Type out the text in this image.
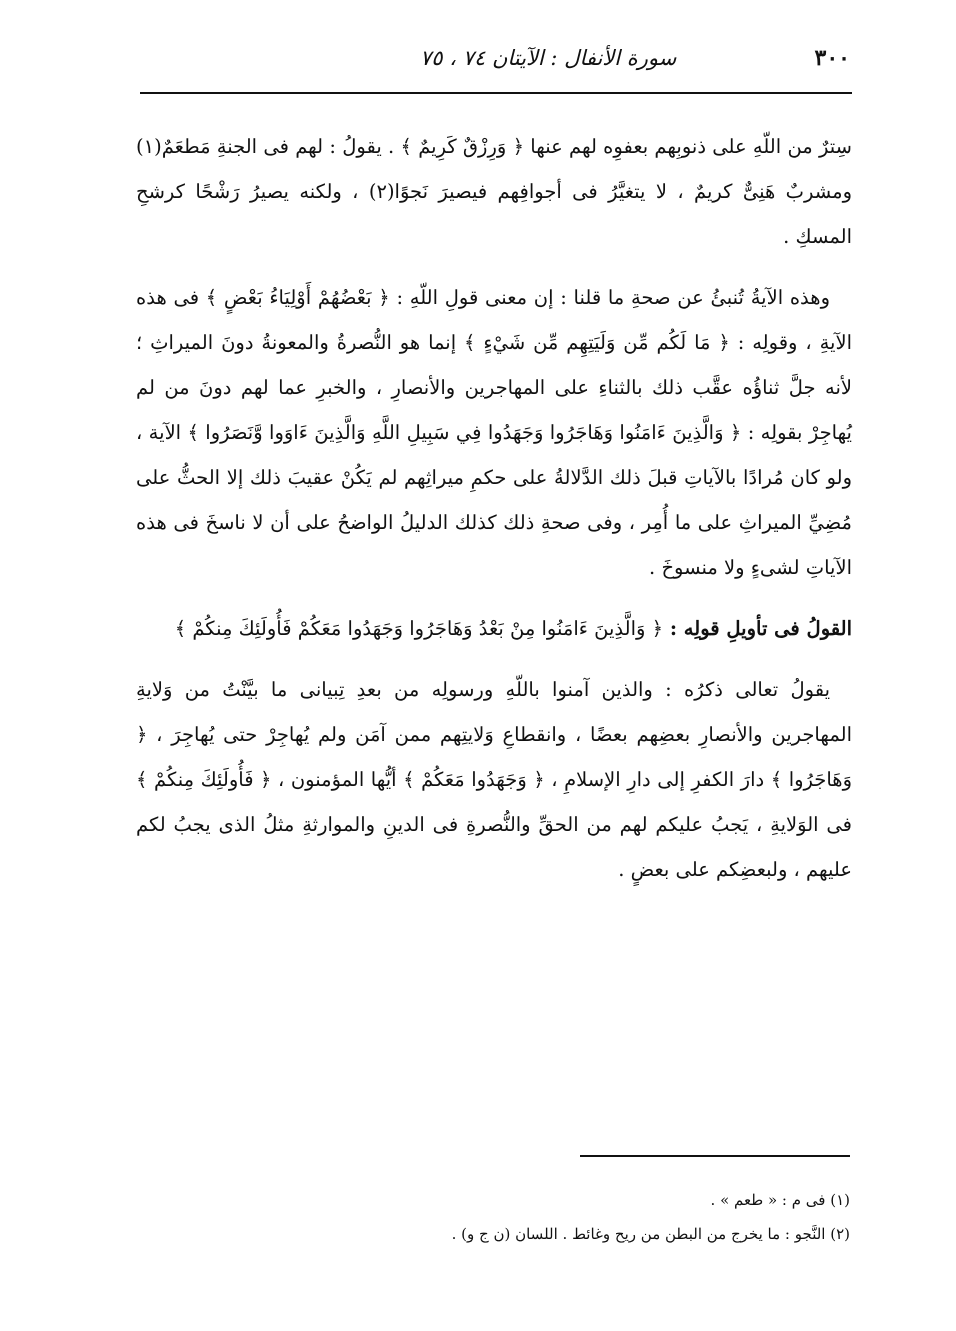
٣٠٠
سورة الأنفال : الآيتان ٧٤ ، ٧٥

سِترٌ من اللّهِ على ذنوبِهم بعفوِه لهم عنها ﴿ وَرِزْقٌ كَرِيمٌ ﴾ . يقولُ : لهم فى الجنةِ مَطعَمٌ(١) ومشربٌ هَنِىٌّ كريمٌ ، لا يتغيَّرُ فى أجوافِهم فيصيرَ نَجوًا(٢) ، ولكنه يصيرُ رَشْحًا كرشحِ المسكِ .

وهذه الآيةُ تُنبئُ عن صحةِ ما قلنا : إن معنى قولِ اللّهِ : ﴿ بَعْضُهُمْ أَوْلِيَاءُ بَعْضٍ ﴾ فى هذه الآيةِ ، وقولِه : ﴿ مَا لَكُم مِّن وَلَيَتِهِم مِّن شَيْءٍ ﴾ إنما هو النُّصرةُ والمعونةُ دونَ الميراثِ ؛ لأنه جلَّ ثناؤُه عقَّب ذلك بالثناءِ على المهاجرين والأنصارِ ، والخبرِ عما لهم دونَ من لم يُهاجِرْ بقولِه : ﴿ وَالَّذِينَ ءَامَنُوا وَهَاجَرُوا وَجَهَدُوا فِي سَبِيلِ اللَّهِ وَالَّذِينَ ءَاوَوا وَّنَصَرُوا ﴾ الآية ، ولو كان مُرادًا بالآياتِ قبلَ ذلك الدَّلالةُ على حكمِ ميراثِهم لم يَكُنْ عقيبَ ذلك إلا الحثُّ على مُضِيِّ الميراثِ على ما أُمِر ، وفى صحةِ ذلك كذلك الدليلُ الواضحُ على أن لا ناسخَ فى هذه الآياتِ لشىءٍ ولا منسوخَ .

القولُ فى تأويلِ قولِه : ﴿ وَالَّذِينَ ءَامَنُوا مِنْ بَعْدُ وَهَاجَرُوا وَجَهَدُوا مَعَكُمْ فَأُولَئِكَ مِنكُمْ ﴾

يقولُ تعالى ذكرُه : والذين آمنوا باللّهِ ورسولِه من بعدِ تِبيانى ما بيَّنْتُ من وَلايةِ المهاجرين والأنصارِ بعضِهم بعضًا ، وانقطاعِ وَلايتِهم ممن آمَن ولم يُهاجِرْ حتى يُهاجِرَ ، ﴿ وَهَاجَرُوا ﴾ دارَ الكفرِ إلى دارِ الإسلامِ ، ﴿ وَجَهَدُوا مَعَكُمْ ﴾ أيُّها المؤمنون ، ﴿ فَأُولَئِكَ مِنكُمْ ﴾ فى الوَلايةِ ، يَجبُ عليكم لهم من الحقِّ والنُّصرةِ فى الدينِ والموارثةِ مثلُ الذى يجبُ لكم عليهم ، ولبعضِكم على بعضٍ .

(١) فى م : « طعم » .
(٢) النَّجو : ما يخرج من البطن من ريح وغائط . اللسان (ن ج و) .
